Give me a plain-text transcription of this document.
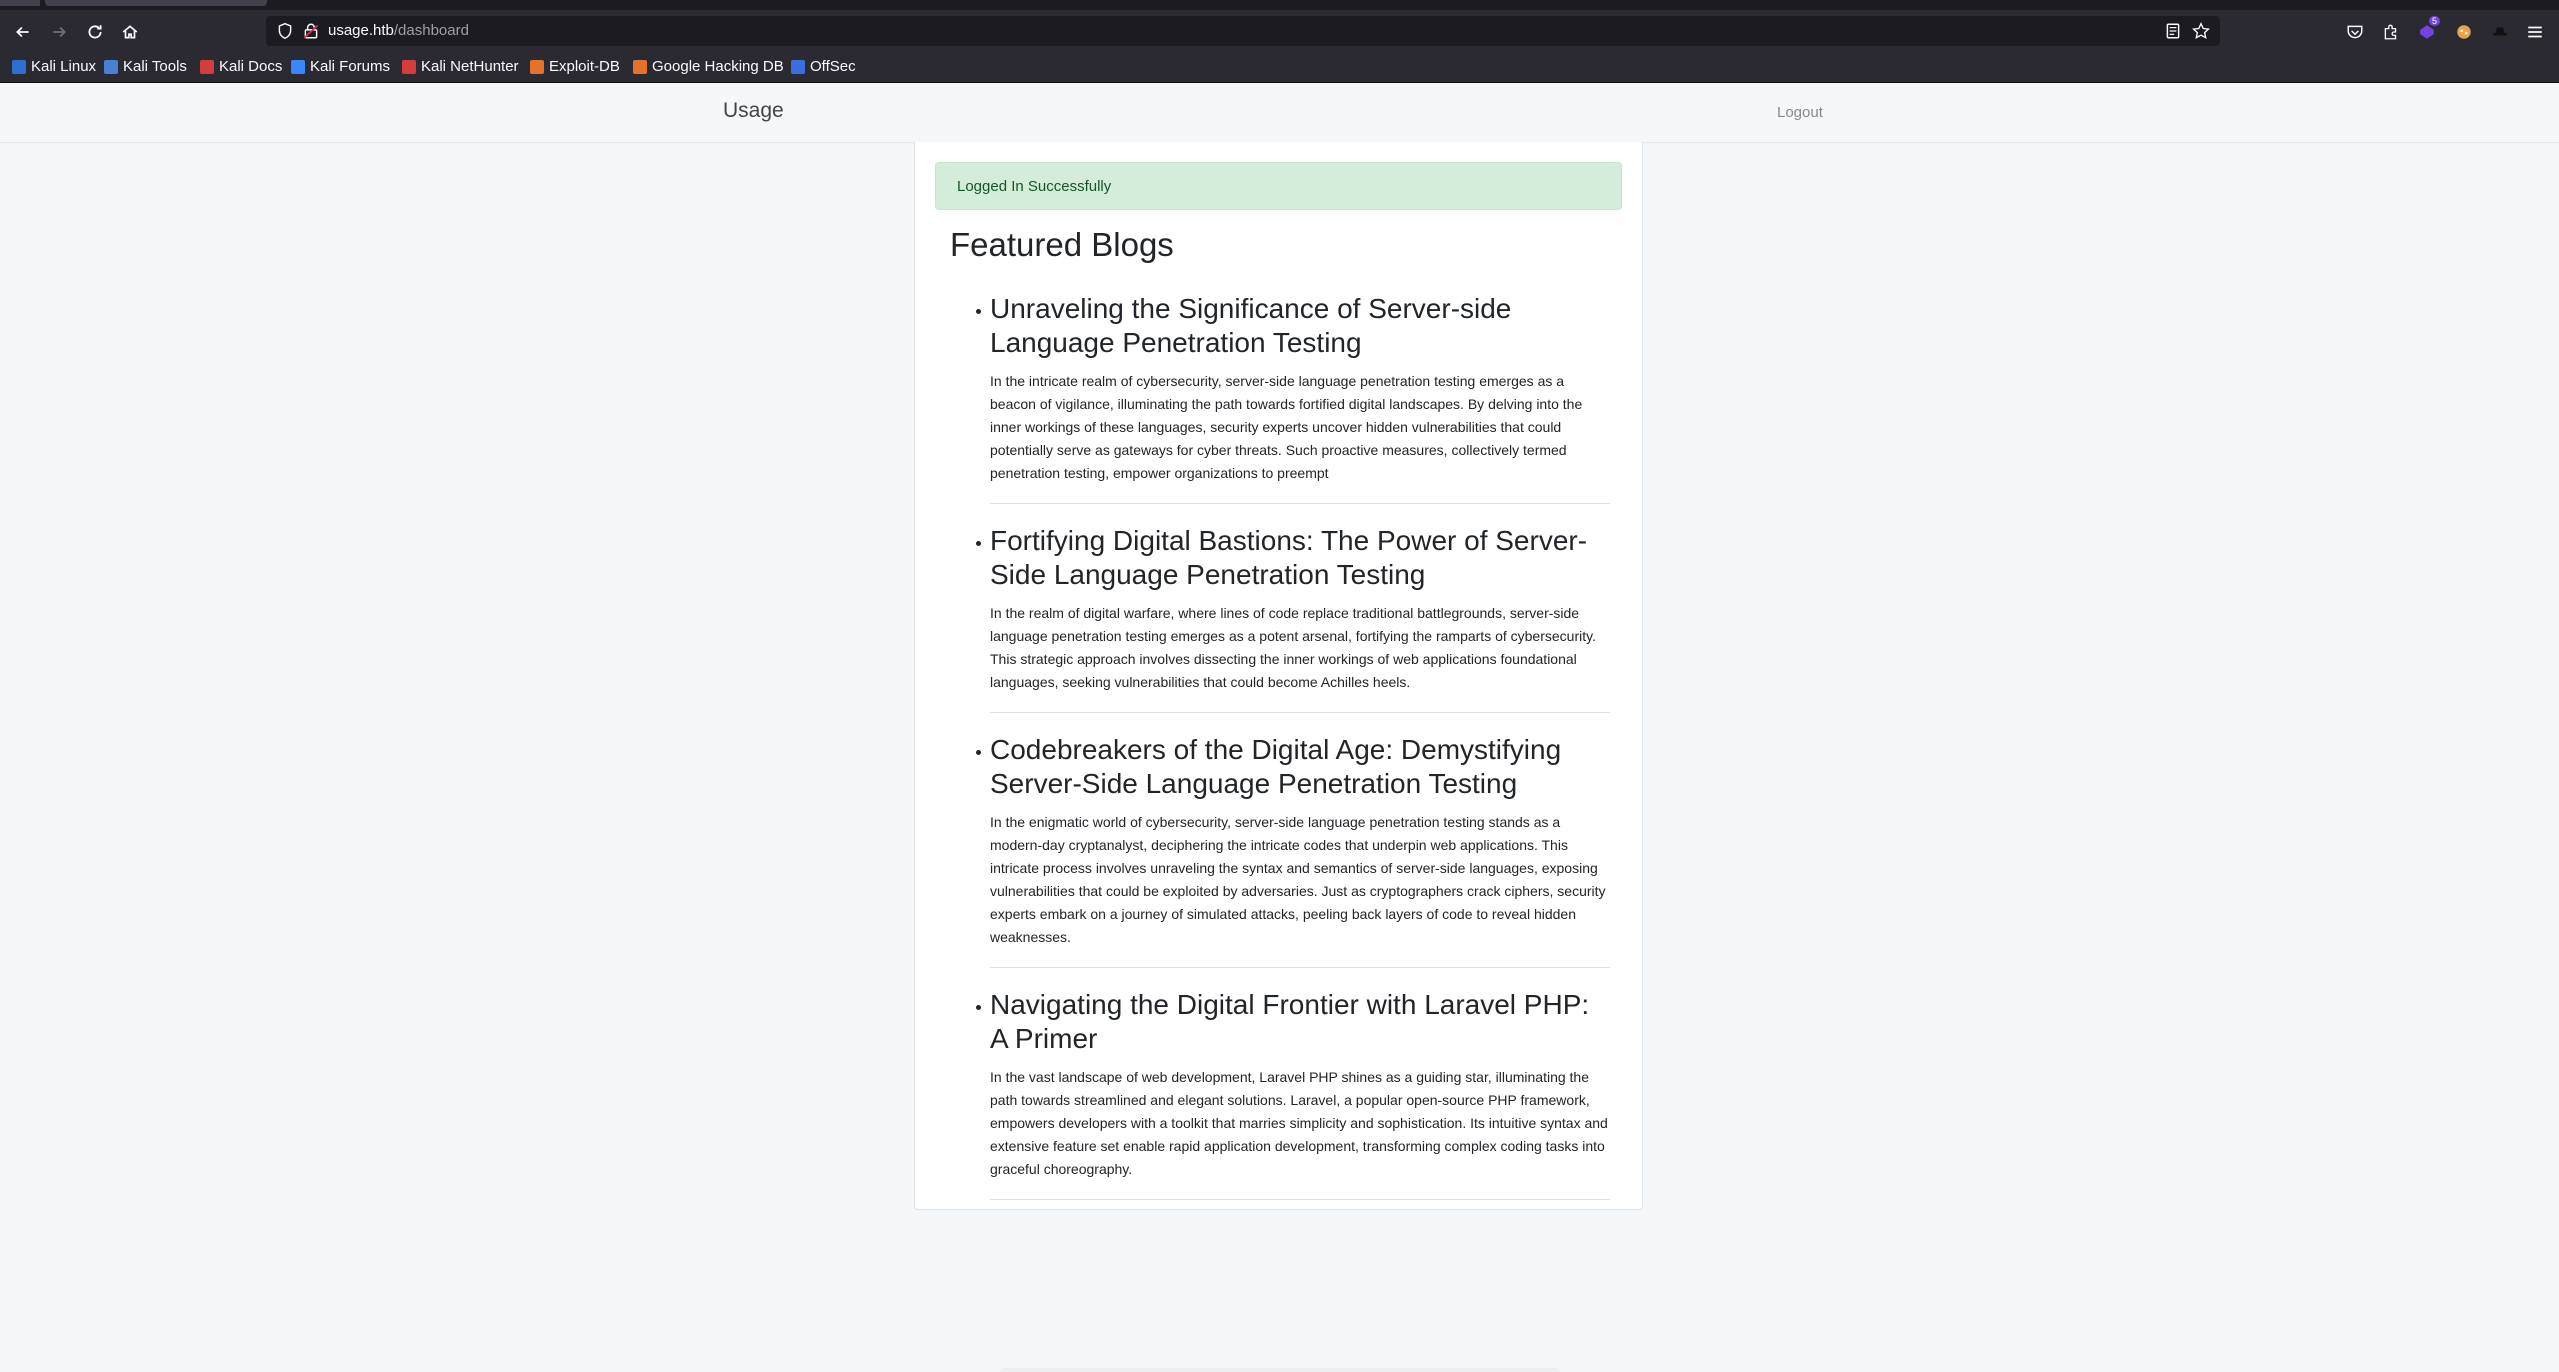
usage.htb/dashboard
5
Kali Linux Kali Tools Kali Docs Kali Forums Kali NetHunter Exploit-DB Google Hacking DB OffSec
Usage	Logout
Logged In Successfully
Featured Blogs
Unraveling the Significance of Server-side Language Penetration Testing

In the intricate realm of cybersecurity, server-side language penetration testing emerges as a beacon of vigilance, illuminating the path towards fortified digital landscapes. By delving into the inner workings of these languages, security experts uncover hidden vulnerabilities that could potentially serve as gateways for cyber threats. Such proactive measures, collectively termed penetration testing, empower organizations to preempt

Fortifying Digital Bastions: The Power of Server-Side Language Penetration Testing

In the realm of digital warfare, where lines of code replace traditional battlegrounds, server-side language penetration testing emerges as a potent arsenal, fortifying the ramparts of cybersecurity. This strategic approach involves dissecting the inner workings of web applications foundational languages, seeking vulnerabilities that could become Achilles heels.

Codebreakers of the Digital Age: Demystifying Server-Side Language Penetration Testing

In the enigmatic world of cybersecurity, server-side language penetration testing stands as a modern-day cryptanalyst, deciphering the intricate codes that underpin web applications. This intricate process involves unraveling the syntax and semantics of server-side languages, exposing vulnerabilities that could be exploited by adversaries. Just as cryptographers crack ciphers, security experts embark on a journey of simulated attacks, peeling back layers of code to reveal hidden weaknesses.

Navigating the Digital Frontier with Laravel PHP: A Primer

In the vast landscape of web development, Laravel PHP shines as a guiding star, illuminating the path towards streamlined and elegant solutions. Laravel, a popular open-source PHP framework, empowers developers with a toolkit that marries simplicity and sophistication. Its intuitive syntax and extensive feature set enable rapid application development, transforming complex coding tasks into graceful choreography.
